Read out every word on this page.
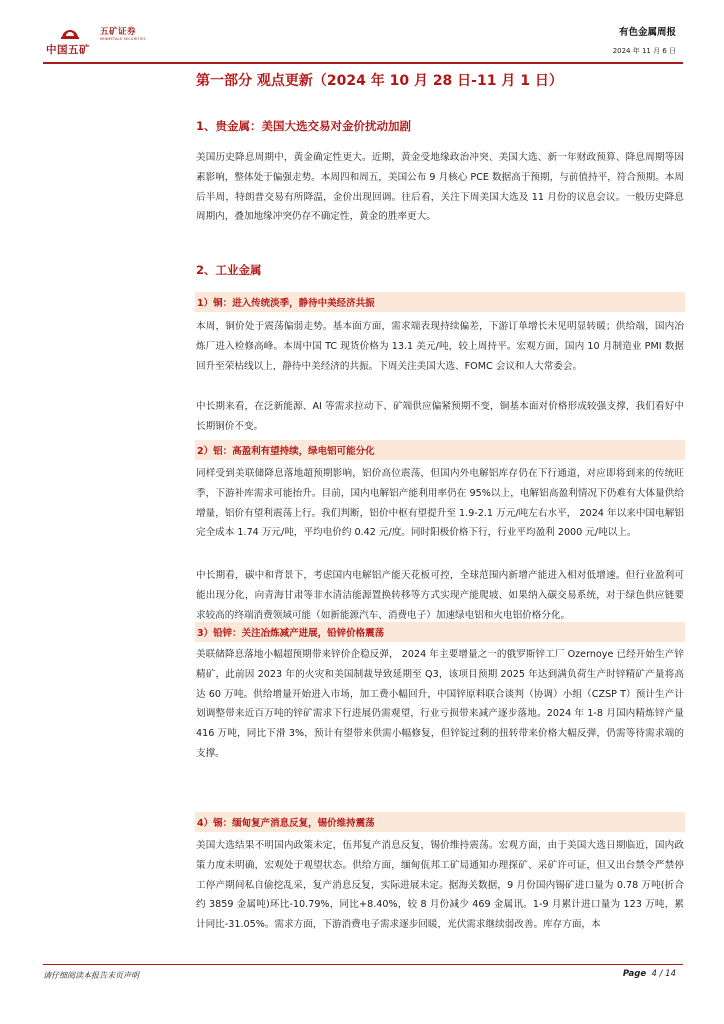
五矿证券
MINMETALS SECURITIES
中国五矿
有色金属周报
2024 年 11 月 6 日
第一部分 观点更新（2024 年 10 月 28 日-11 月 1 日）
1、贵金属：美国大选交易对金价扰动加剧
美国历史降息周期中，黄金确定性更大。近期，黄金受地缘政治冲突、美国大选、新一年财政预算、降息周期等因素影响，整体处于偏强走势。本周四和周五，美国公布 9 月核心 PCE 数据高于预期，与前值持平，符合预期。本周后半周，特朗普交易有所降温，金价出现回调。往后看，关注下周美国大选及 11 月份的议息会议。一般历史降息周期内，叠加地缘冲突仍存不确定性，黄金的胜率更大。
2、工业金属
1）铜：进入传统淡季，静待中美经济共振
本周，铜价处于震荡偏弱走势。基本面方面，需求端表现持续偏差，下游订单增长未见明显转暖；供给端，国内冶炼厂进入检修高峰。本周中国 TC 现货价格为 13.1 美元/吨，较上周持平。宏观方面，国内 10 月制造业 PMI 数据回升至荣枯线以上，静待中美经济的共振。下周关注美国大选、FOMC 会议和人大常委会。
中长期来看，在泛新能源、AI 等需求拉动下、矿端供应偏紧预期不变，铜基本面对价格形成较强支撑，我们看好中长期铜价不变。
2）铝：高盈利有望持续，绿电铝可能分化
同样受到美联储降息落地超预期影响，铝价高位震荡，但国内外电解铝库存仍在下行通道，对应即将到来的传统旺季，下游补库需求可能抬升。目前，国内电解铝产能利用率仍在 95%以上，电解铝高盈利情况下仍难有大体量供给增量，铝价有望利震荡上行。我们判断，铝价中枢有望提升至 1.9-2.1 万元/吨左右水平， 2024 年以来中国电解铝完全成本 1.74 万元/吨，平均电价约 0.42 元/度。同时阳极价格下行，行业平均盈利 2000 元/吨以上。
中长期看，碳中和背景下，考虑国内电解铝产能天花板可控，全球范围内新增产能进入相对低增速。但行业盈利可能出现分化，向青海甘肃等非水清洁能源置换转移等方式实现产能爬坡、如果纳入碳交易系统，对于绿色供应链要求较高的终端消费领域可能（如新能源汽车、消费电子）加速绿电铝和火电铝价格分化。
3）铅锌：关注冶炼减产进展，铅锌价格震荡
美联储降息落地小幅超预期带来锌价企稳反弹， 2024 年主要增量之一的俄罗斯锌工厂 Ozernoye 已经开始生产锌精矿，此前因 2023 年的火灾和美国制裁导致延期至 Q3，该项目预期 2025 年达到满负荷生产时锌精矿产量将高达 60 万吨。供给增量开始进入市场，加工费小幅回升，中国锌原料联合谈判（协调）小组（CZSP T）预计生产计划调整带来近百万吨的锌矿需求下行进展仍需观望，行业亏损带来减产逐步落地。2024 年 1-8 月国内精炼锌产量 416 万吨，同比下滑 3%，预计有望带来供需小幅修复，但锌锭过剩的扭转带来价格大幅反弹，仍需等待需求端的支撑。
4）锡：缅甸复产消息反复，锡价维持震荡
美国大选结果不明国内政策未定，伍邦复产消息反复，锡价维持震荡。宏观方面，由于美国大选日期临近，国内政策力度未明确，宏观处于观望状态。供给方面，缅甸佤邦工矿局通知办理探矿、采矿许可证，但又出台禁令严禁停工停产期间私自偷挖乱采，复产消息反复，实际进展未定。据海关数据，9 月份国内锡矿进口量为 0.78 万吨(折合约 3859 金属吨)环比-10.79%，同比+8.40%，较 8 月份减少 469 金属讯。1-9 月累计进口量为 123 万吨，累计同比-31.05%。需求方面，下游消费电子需求逐步回暖，光伏需求继续弱改善。库存方面，本
请仔细阅读本报告末页声明	Page 4 / 14
